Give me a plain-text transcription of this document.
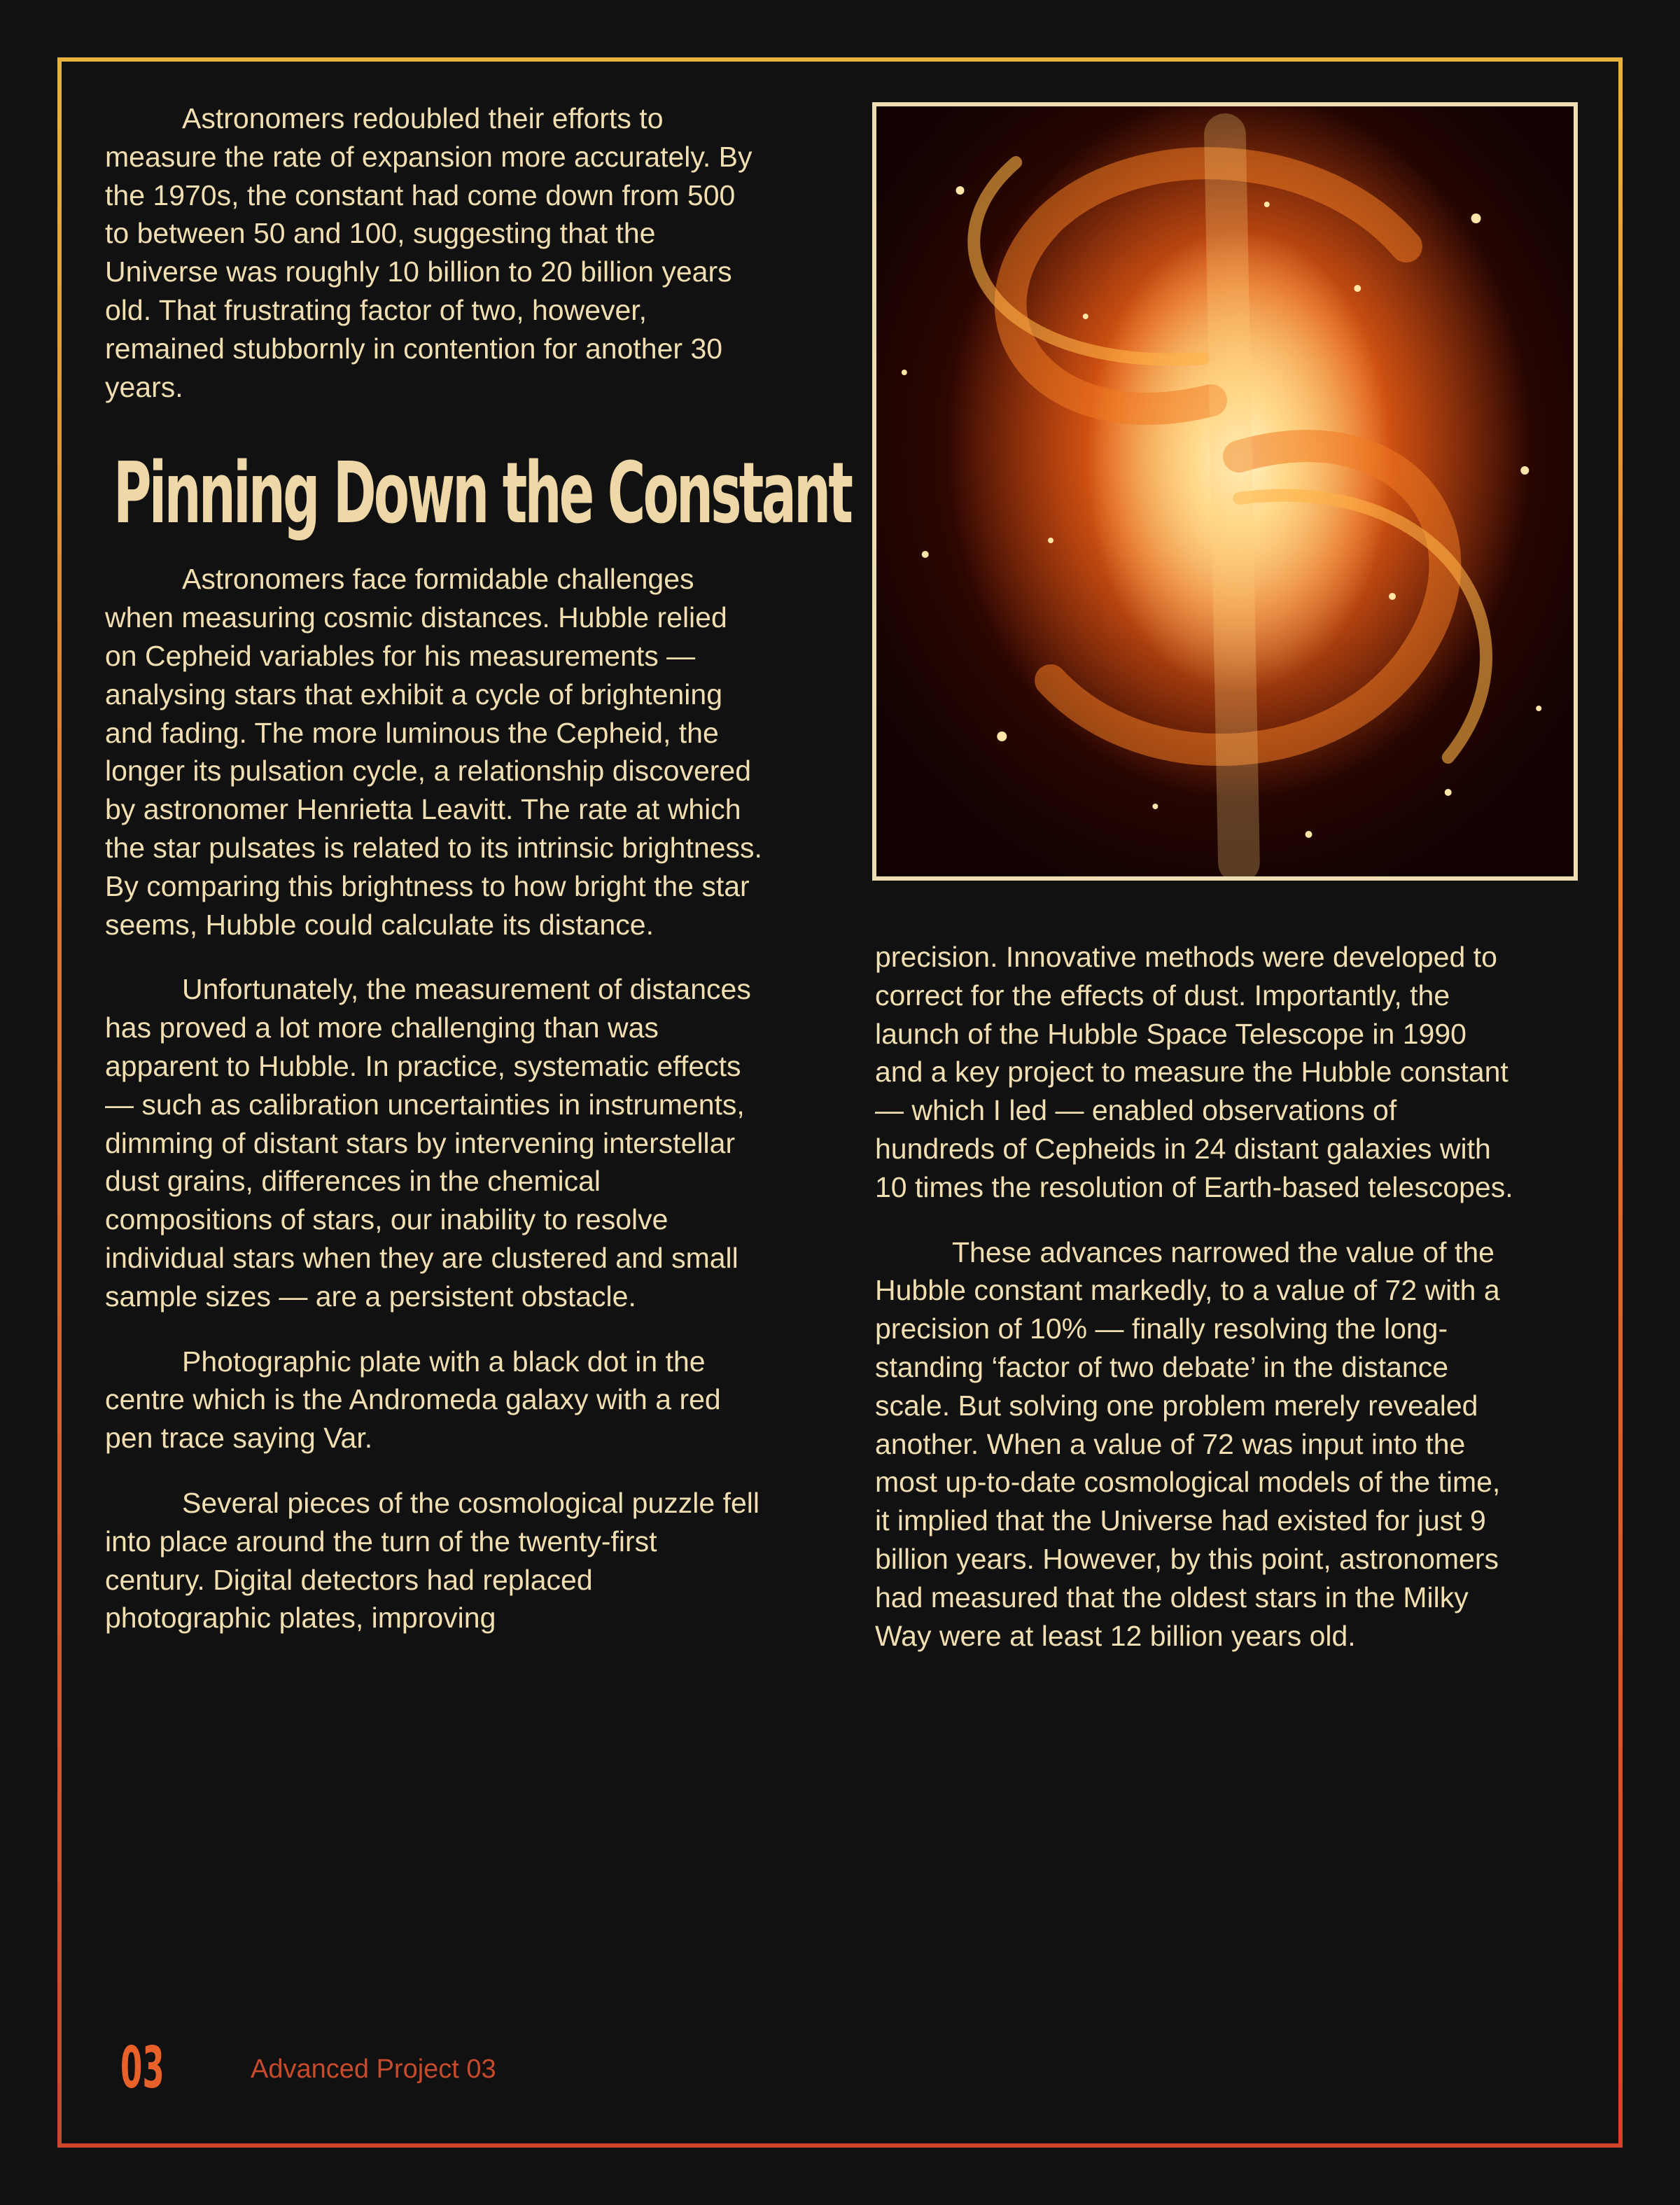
Astronomers redoubled their efforts to measure the rate of expansion more accurately. By the 1970s, the constant had come down from 500 to between 50 and 100, suggesting that the Universe was roughly 10 billion to 20 billion years old. That frustrating factor of two, however, remained stubbornly in contention for another 30 years.

Pinning Down the Constant

Astronomers face formidable challenges when measuring cosmic distances. Hubble relied on Cepheid variables for his measurements — analysing stars that exhibit a cycle of brightening and fading. The more luminous the Cepheid, the longer its pulsation cycle, a relationship discovered by astronomer Henrietta Leavitt. The rate at which the star pulsates is related to its intrinsic brightness. By comparing this brightness to how bright the star seems, Hubble could calculate its distance.

Unfortunately, the measurement of distances has proved a lot more challenging than was apparent to Hubble. In practice, systematic effects — such as calibration uncertainties in instruments, dimming of distant stars by intervening interstellar dust grains, differences in the chemical compositions of stars, our inability to resolve individual stars when they are clustered and small sample sizes — are a persistent obstacle.

Photographic plate with a black dot in the centre which is the Andromeda galaxy with a red pen trace saying Var.

Several pieces of the cosmological puzzle fell into place around the turn of the twenty-first century. Digital detectors had replaced photographic plates, improving

precision. Innovative methods were developed to correct for the effects of dust. Importantly, the launch of the Hubble Space Telescope in 1990 and a key project to measure the Hubble constant — which I led — enabled observations of hundreds of Cepheids in 24 distant galaxies with 10 times the resolution of Earth-based telescopes.

These advances narrowed the value of the Hubble constant markedly, to a value of 72 with a precision of 10% — finally resolving the long-standing ‘factor of two debate’ in the distance scale. But solving one problem merely revealed another. When a value of 72 was input into the most up-to-date cosmological models of the time, it implied that the Universe had existed for just 9 billion years. However, by this point, astronomers had measured that the oldest stars in the Milky Way were at least 12 billion years old.

03	Advanced Project 03
